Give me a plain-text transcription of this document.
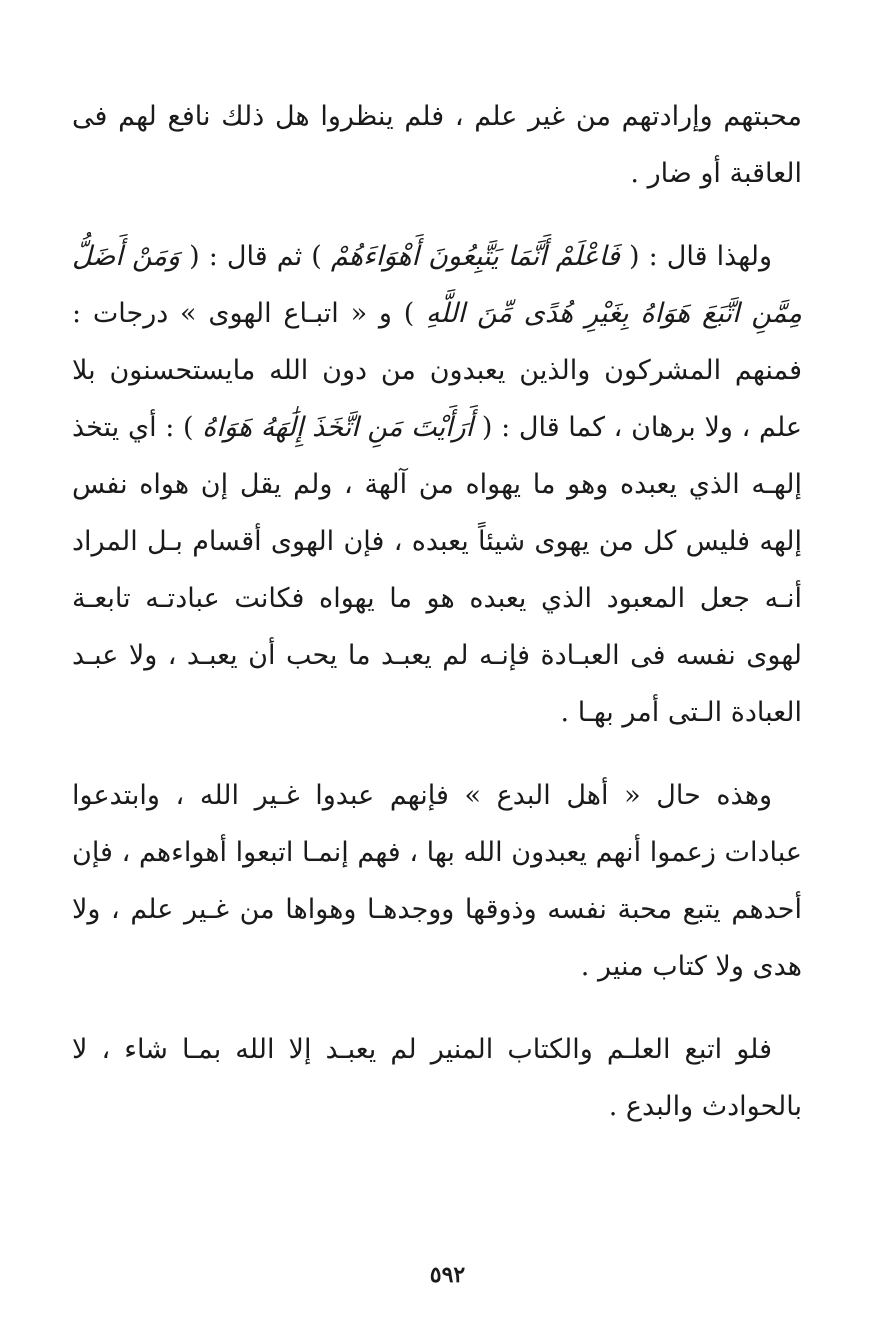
محبتهم وإرادتهم من غير علم ، فلم ينظروا هل ذلك نافع لهم فى العاقبة أو ضار .

ولهذا قال : ( فَاعْلَمْ أَنَّمَا يَتَّبِعُونَ أَهْوَاءَهُمْ ) ثم قال : ( وَمَنْ أَضَلُّ مِمَّنِ اتَّبَعَ هَوَاهُ بِغَيْرِ هُدًى مِّنَ اللَّهِ ) و « اتبـاع الهوى » درجات : فمنهم المشركون والذين يعبدون من دون الله مايستحسنون بلا علم ، ولا برهان ، كما قال : ( أَرَأَيْتَ مَنِ اتَّخَذَ إِلَٰهَهُ هَوَاهُ ) : أي يتخذ إلهـه الذي يعبده وهو ما يهواه من آلهة ، ولم يقل إن هواه نفس إلهه فليس كل من يهوى شيئاً يعبده ، فإن الهوى أقسام بـل المراد أنـه جعل المعبود الذي يعبده هو ما يهواه فكانت عبادتـه تابعـة لهوى نفسه فى العبـادة فإنـه لم يعبـد ما يحب أن يعبـد ، ولا عبـد العبادة الـتى أمر بهـا .

وهذه حال « أهل البدع » فإنهم عبدوا غـير الله ، وابتدعوا عبادات زعموا أنهم يعبدون الله بها ، فهم إنمـا اتبعوا أهواءهم ، فإن أحدهم يتبع محبة نفسه وذوقها ووجدهـا وهواها من غـير علم ، ولا هدى ولا كتاب منير .

فلو اتبع العلـم والكتاب المنير لم يعبـد إلا الله بمـا شاء ، لا بالحوادث والبدع .

٥٩٢
